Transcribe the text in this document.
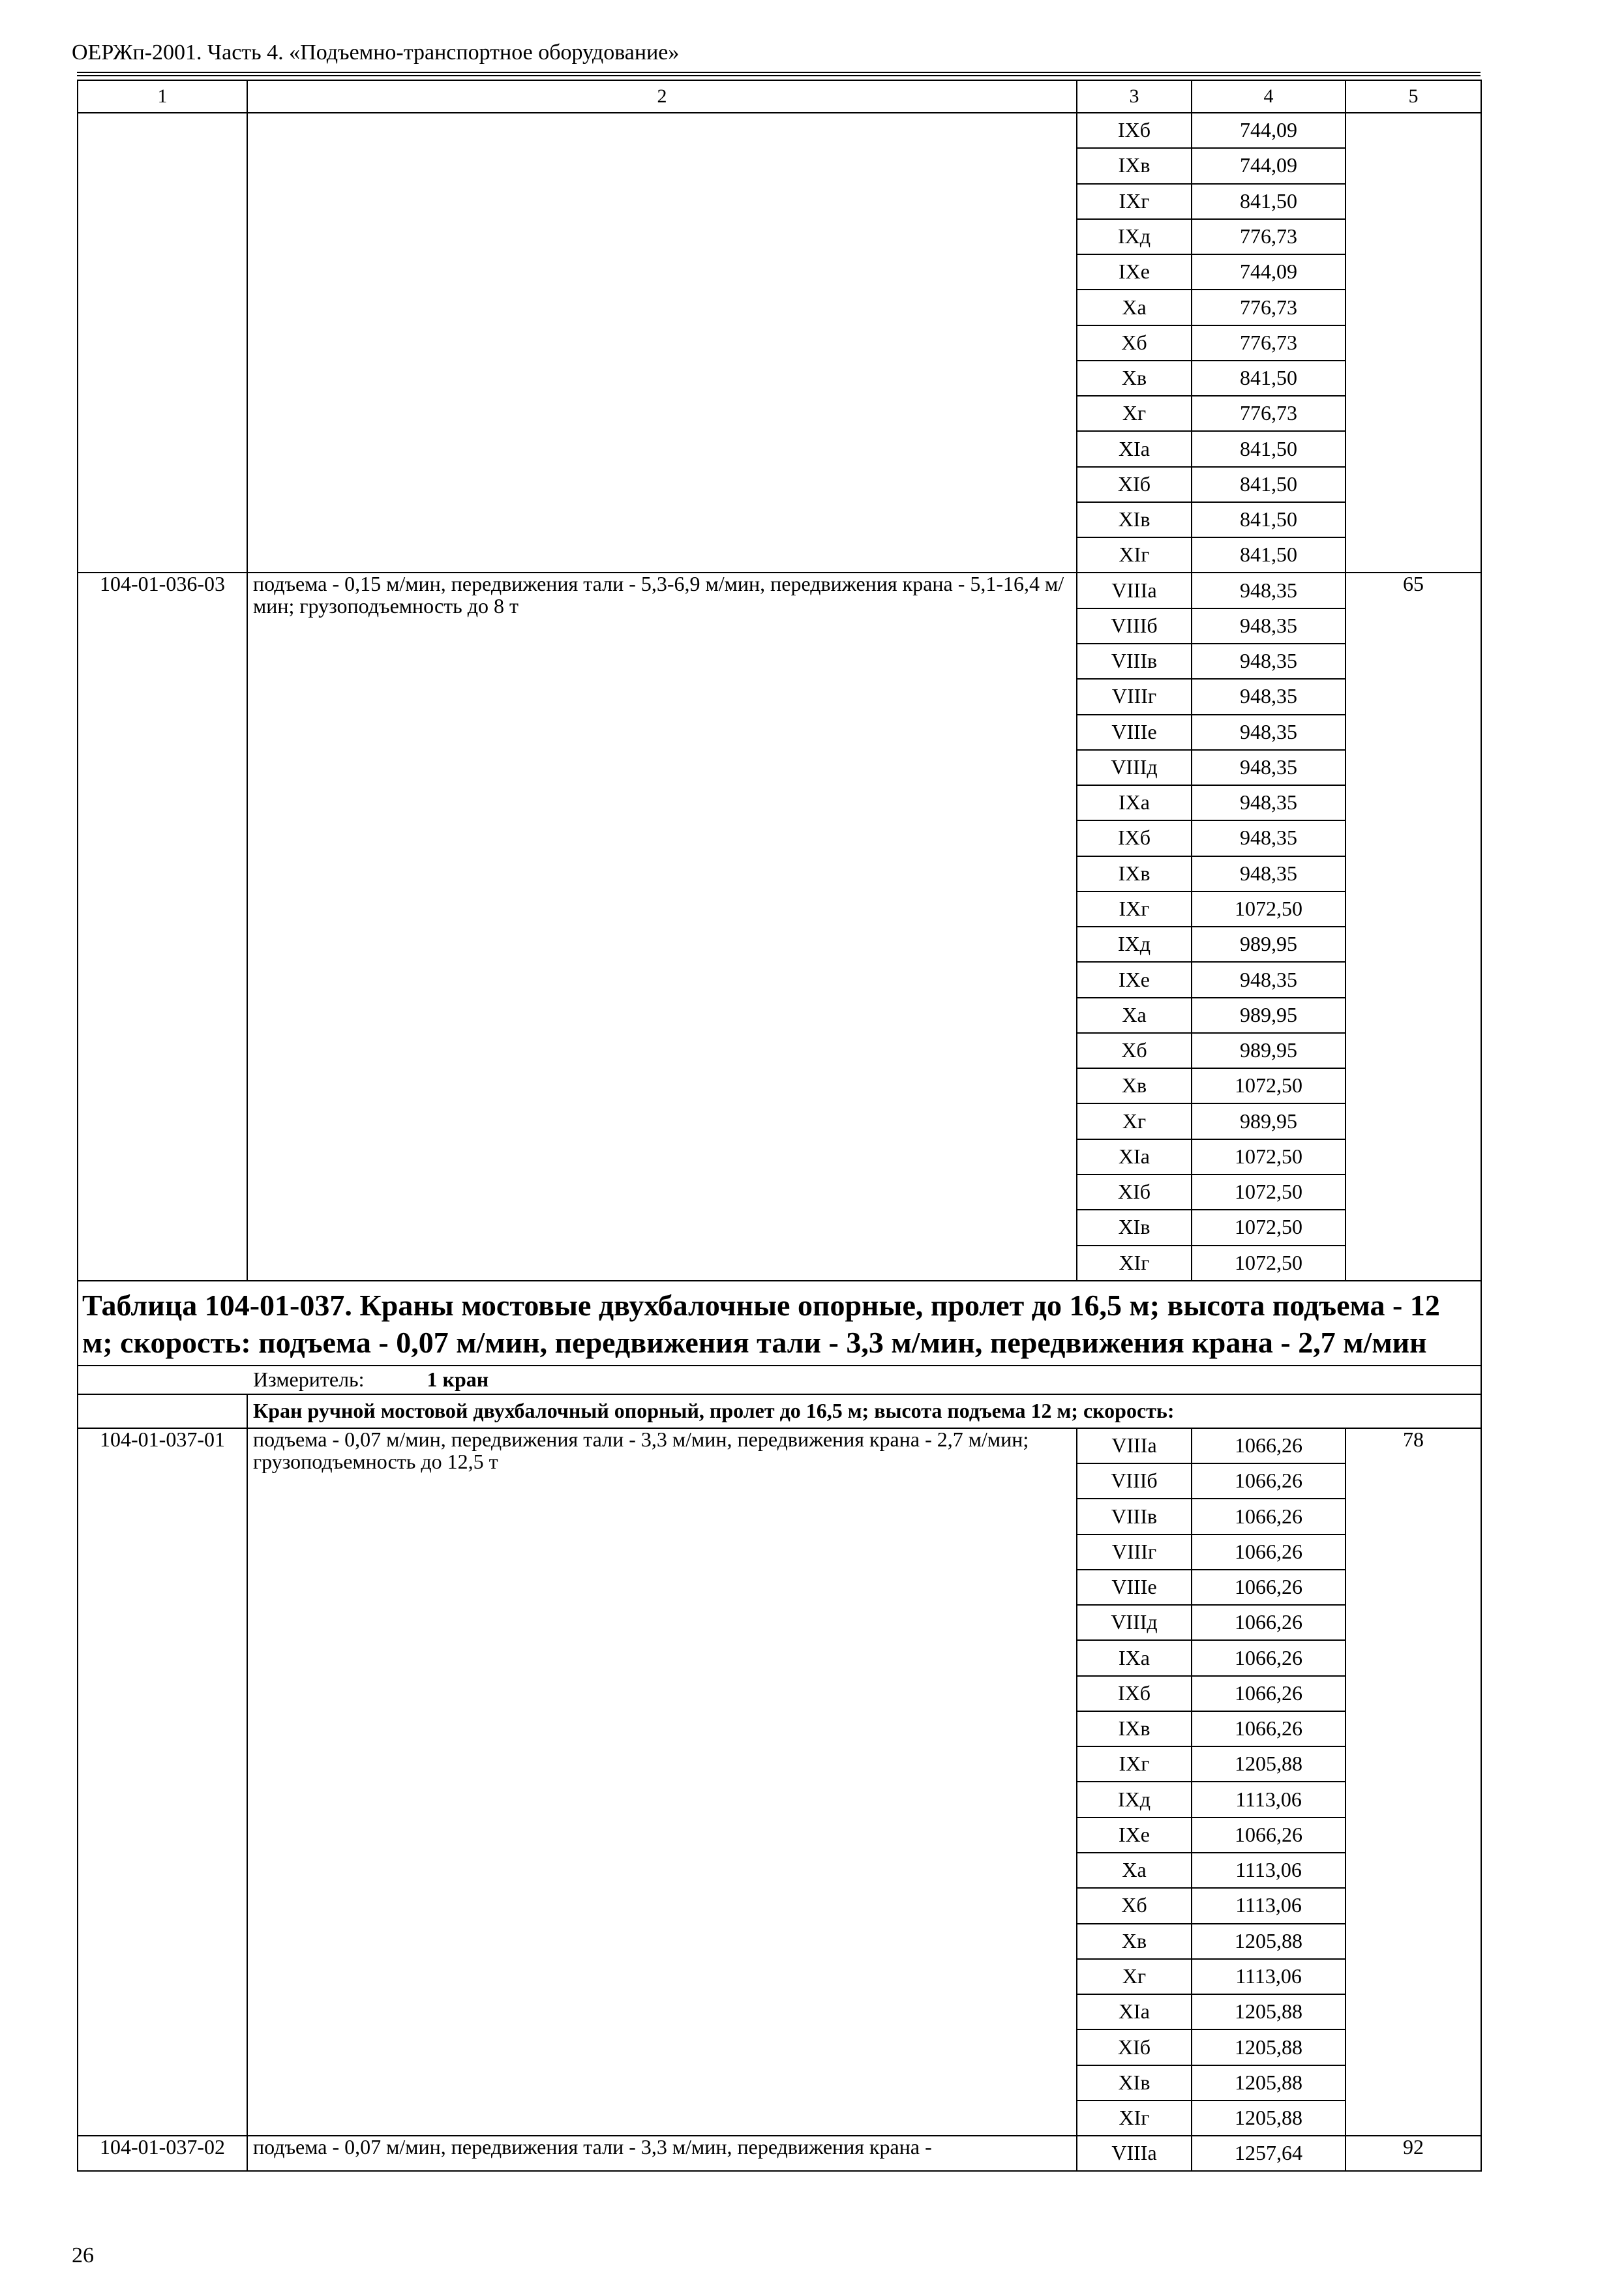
ОЕРЖп-2001. Часть 4. «Подъемно-транспортное оборудование»
1	2	3	4	5
		IXб	744,09	
		IXв	744,09	
		IXг	841,50	
		IXд	776,73	
		IXе	744,09	
		Xа	776,73	
		Xб	776,73	
		Xв	841,50	
		Xг	776,73	
		XIа	841,50	
		XIб	841,50	
		XIв	841,50	
		XIг	841,50	
104-01-036-03	подъема - 0,15 м/мин, передвижения тали - 5,3-6,9 м/мин, передвижения крана - 5,1-16,4 м/мин; грузоподъемность до 8 т	VIIIа	948,35	65
		VIIIб	948,35	
		VIIIв	948,35	
		VIIIг	948,35	
		VIIIе	948,35	
		VIIIд	948,35	
		IXа	948,35	
		IXб	948,35	
		IXв	948,35	
		IXг	1072,50	
		IXд	989,95	
		IXе	948,35	
		Xа	989,95	
		Xб	989,95	
		Xв	1072,50	
		Xг	989,95	
		XIа	1072,50	
		XIб	1072,50	
		XIв	1072,50	
		XIг	1072,50	
Таблица 104-01-037. Краны мостовые двухбалочные опорные, пролет до 16,5 м; высота подъема - 12 м; скорость: подъема - 0,07 м/мин, передвижения тали - 3,3 м/мин, передвижения крана - 2,7 м/мин				
Измеритель: 1 кран				
	Кран ручной мостовой двухбалочный опорный, пролет до 16,5 м; высота подъема 12 м; скорость:			
104-01-037-01	подъема - 0,07 м/мин, передвижения тали - 3,3 м/мин, передвижения крана - 2,7 м/мин; грузоподъемность до 12,5 т	VIIIа	1066,26	78
		VIIIб	1066,26	
		VIIIв	1066,26	
		VIIIг	1066,26	
		VIIIе	1066,26	
		VIIIд	1066,26	
		IXа	1066,26	
		IXб	1066,26	
		IXв	1066,26	
		IXг	1205,88	
		IXд	1113,06	
		IXе	1066,26	
		Xа	1113,06	
		Xб	1113,06	
		Xв	1205,88	
		Xг	1113,06	
		XIа	1205,88	
		XIб	1205,88	
		XIв	1205,88	
		XIг	1205,88	
104-01-037-02	подъема - 0,07 м/мин, передвижения тали - 3,3 м/мин, передвижения крана -	VIIIа	1257,64	92
26
